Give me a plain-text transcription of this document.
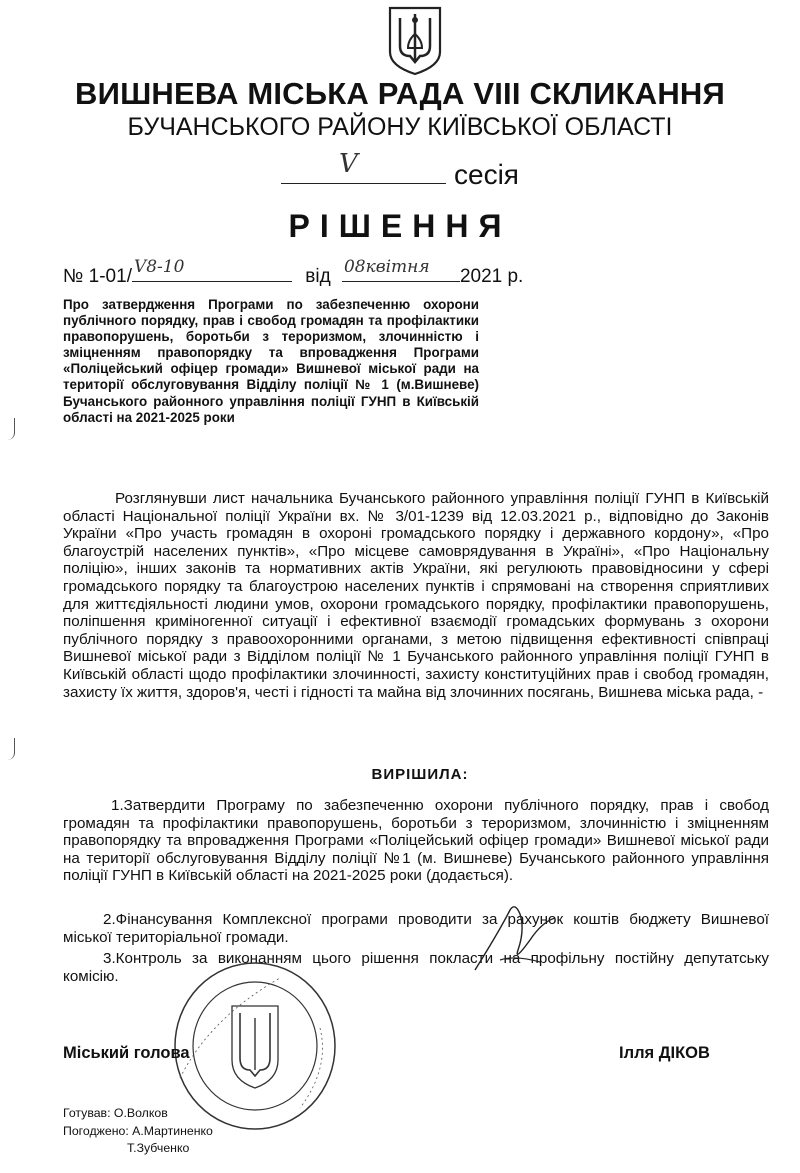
ВИШНЕВА МІСЬКА РАДА VIII СКЛИКАННЯ
БУЧАНСЬКОГО РАЙОНУ КИЇВСЬКОЇ ОБЛАСТІ
V	сесія
РІШЕННЯ
№ 1-01/ V8-10	від 08квітня 2021 р.
Про затвердження Програми по забезпеченню охорони публічного порядку, прав і свобод громадян та профілактики правопорушень, боротьби з тероризмом, злочинністю і зміцненням правопорядку та впровадження Програми «Поліцейський офіцер громади» Вишневої міської ради на території обслуговування Відділу поліції № 1 (м.Вишневе) Бучанського районного управління поліції ГУНП в Київській області на 2021-2025 роки
Розглянувши лист начальника Бучанського районного управління поліції ГУНП в Київській області Національної поліції України вх. № 3/01-1239 від 12.03.2021 р., відповідно до Законів України «Про участь громадян в охороні громадського порядку і державного кордону», «Про благоустрій населених пунктів», «Про місцеве самоврядування в Україні», «Про Національну поліцію», інших законів та нормативних актів України, які регулюють правовідносини у сфері громадського порядку та благоустрою населених пунктів і спрямовані на створення сприятливих для життєдіяльності людини умов, охорони громадського порядку, профілактики правопорушень, поліпшення криміногенної ситуації і ефективної взаємодії громадських формувань з охорони публічного порядку з правоохоронними органами, з метою підвищення ефективності співпраці Вишневої міської ради з Відділом поліції № 1 Бучанського районного управління поліції ГУНП в Київській області щодо профілактики злочинності, захисту конституційних прав і свобод громадян, захисту їх життя, здоров'я, честі і гідності та майна від злочинних посягань, Вишнева міська рада, -
ВИРІШИЛА:
1.Затвердити Програму по забезпеченню охорони публічного порядку, прав і свобод громадян та профілактики правопорушень, боротьби з тероризмом, злочинністю і зміцненням правопорядку та впровадження Програми «Поліцейський офіцер громади» Вишневої міської ради на території обслуговування Відділу поліції №1 (м. Вишневе) Бучанського районного управління поліції ГУНП в Київській області на 2021-2025 роки (додається).
2.Фінансування Комплексної програми проводити за рахунок коштів бюджету Вишневої міської територіальної громади.
3.Контроль за виконанням цього рішення покласти на профільну постійну депутатську комісію.
Міський голова	Ілля ДІКОВ
Готував: О.Волков
Погоджено: А.Мартиненко
Т.Зубченко
